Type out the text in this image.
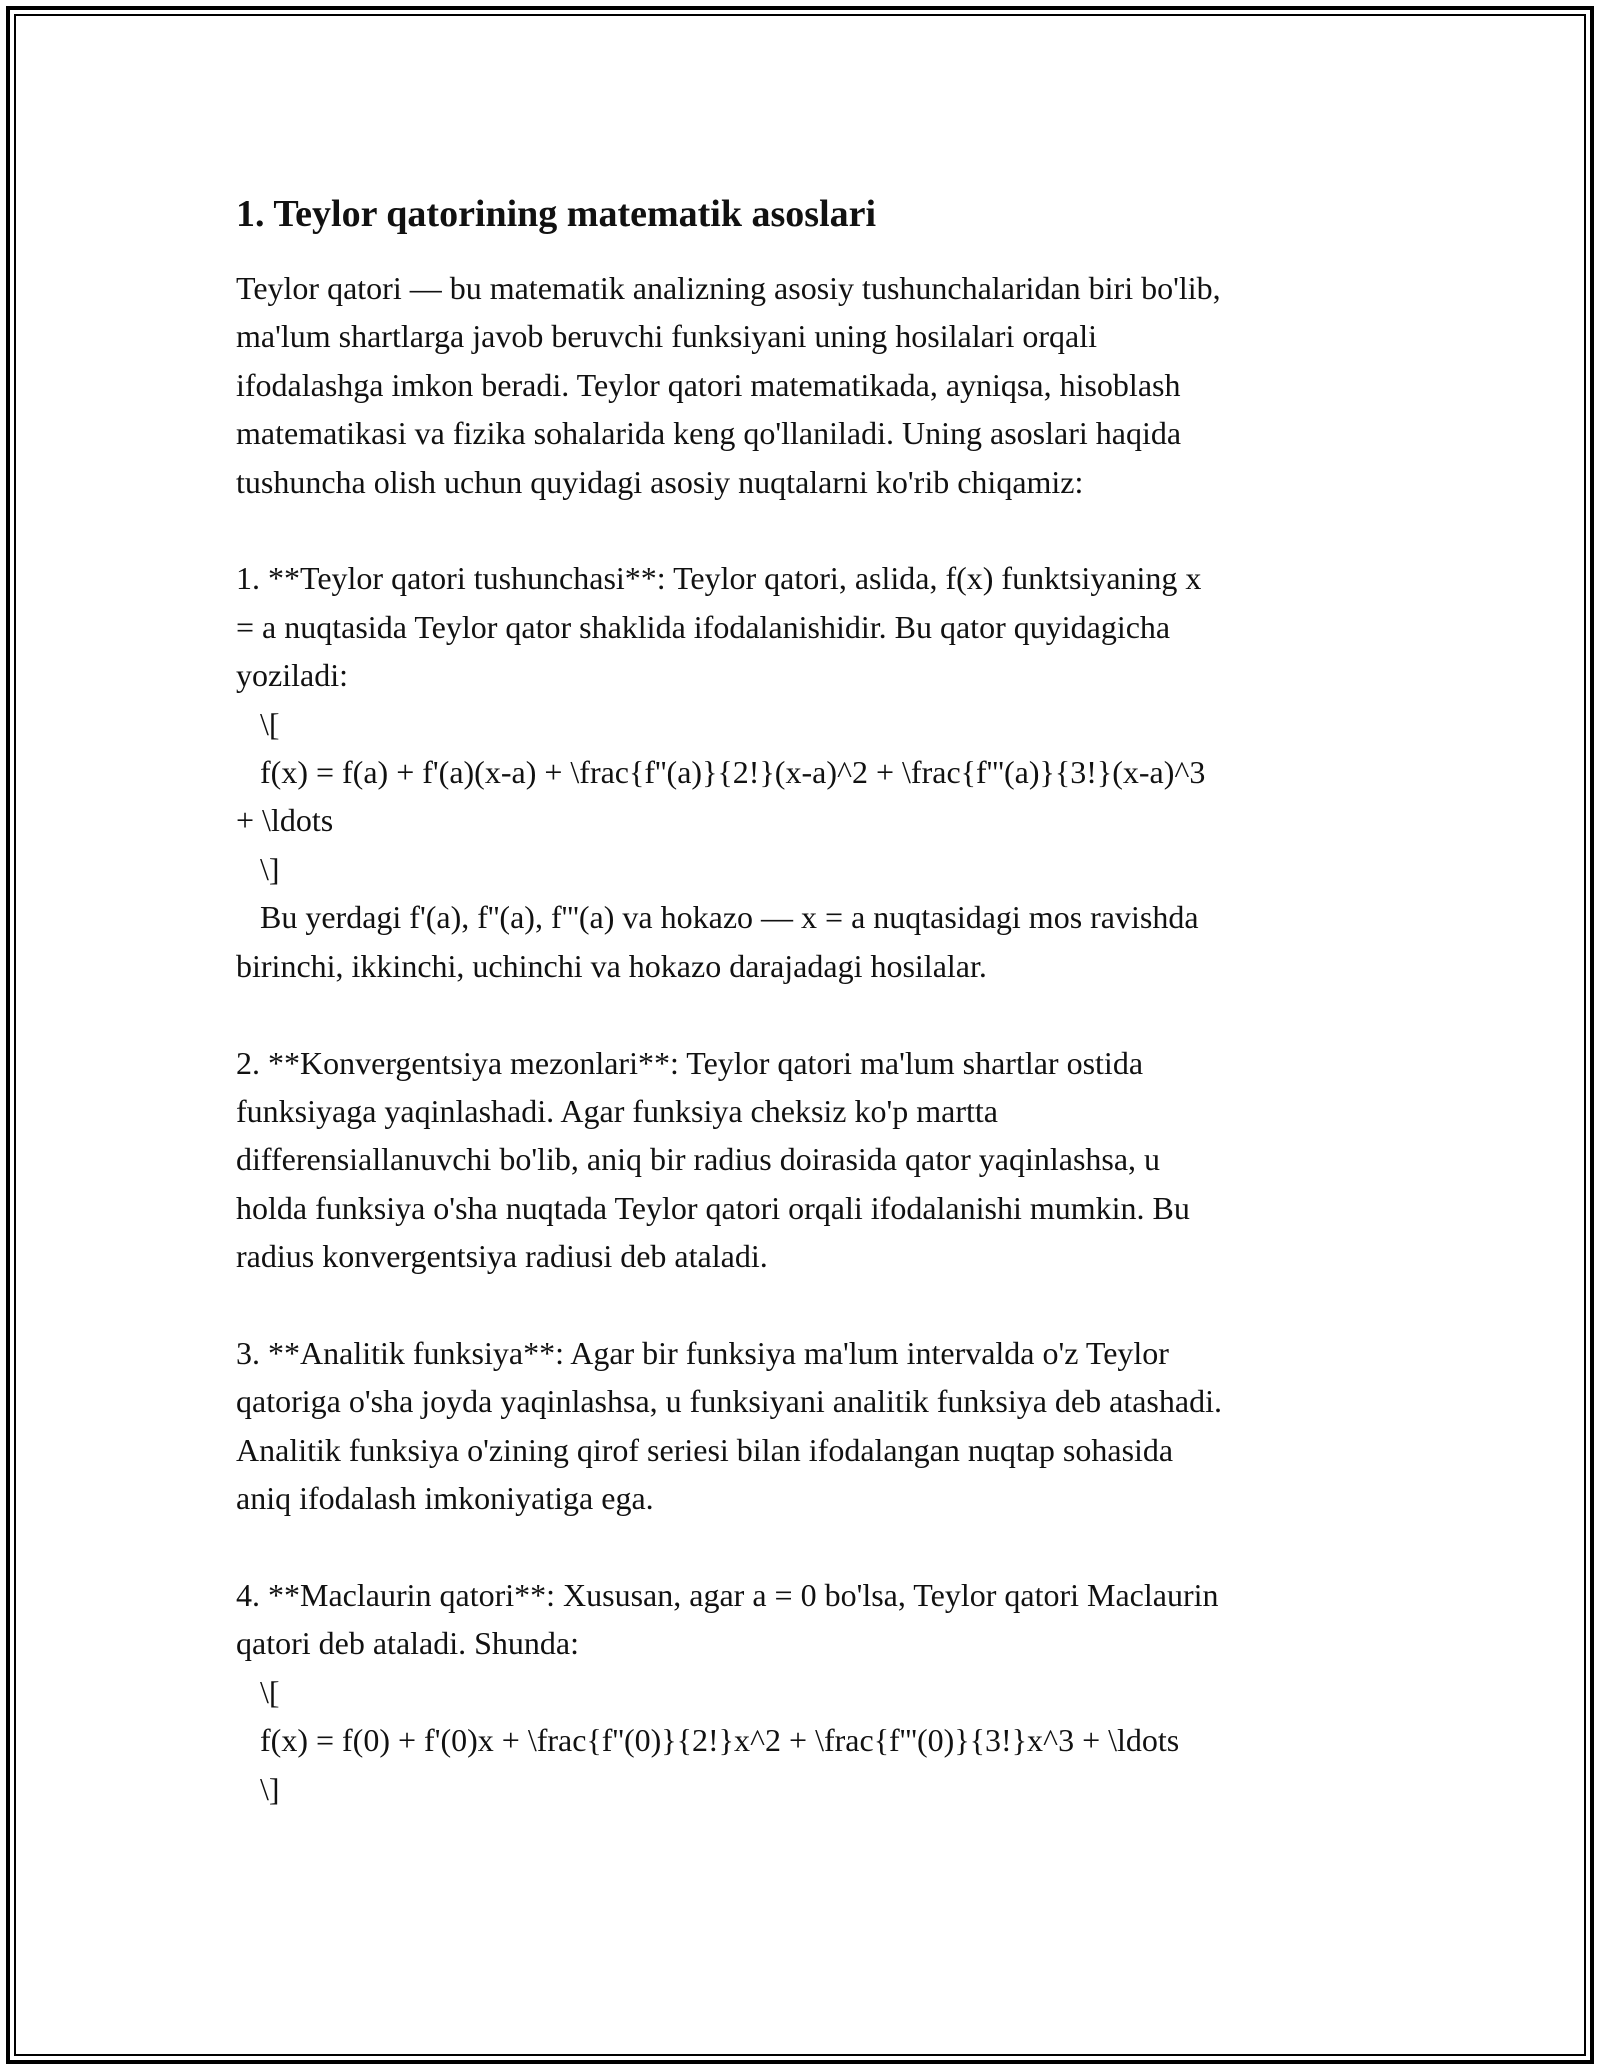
1. Teylor qatorining matematik asoslari
Teylor qatori — bu matematik analizning asosiy tushunchalaridan biri bo'lib,
ma'lum shartlarga javob beruvchi funksiyani uning hosilalari orqali
ifodalashga imkon beradi. Teylor qatori matematikada, ayniqsa, hisoblash
matematikasi va fizika sohalarida keng qo'llaniladi. Uning asoslari haqida
tushuncha olish uchun quyidagi asosiy nuqtalarni ko'rib chiqamiz:

1. **Teylor qatori tushunchasi**: Teylor qatori, aslida, f(x) funktsiyaning x
= a nuqtasida Teylor qator shaklida ifodalanishidir. Bu qator quyidagicha
yoziladi:
\[
f(x) = f(a) + f'(a)(x-a) + \frac{f''(a)}{2!}(x-a)^2 + \frac{f'''(a)}{3!}(x-a)^3
+ \ldots
\]
Bu yerdagi f'(a), f''(a), f'''(a) va hokazo — x = a nuqtasidagi mos ravishda
birinchi, ikkinchi, uchinchi va hokazo darajadagi hosilalar.

2. **Konvergentsiya mezonlari**: Teylor qatori ma'lum shartlar ostida
funksiyaga yaqinlashadi. Agar funksiya cheksiz ko'p martta
differensiallanuvchi bo'lib, aniq bir radius doirasida qator yaqinlashsa, u
holda funksiya o'sha nuqtada Teylor qatori orqali ifodalanishi mumkin. Bu
radius konvergentsiya radiusi deb ataladi.

3. **Analitik funksiya**: Agar bir funksiya ma'lum intervalda o'z Teylor
qatoriga o'sha joyda yaqinlashsa, u funksiyani analitik funksiya deb atashadi.
Analitik funksiya o'zining qirof seriesi bilan ifodalangan nuqtap sohasida
aniq ifodalash imkoniyatiga ega.

4. **Maclaurin qatori**: Xususan, agar a = 0 bo'lsa, Teylor qatori Maclaurin
qatori deb ataladi. Shunda:
\[
f(x) = f(0) + f'(0)x + \frac{f''(0)}{2!}x^2 + \frac{f'''(0)}{3!}x^3 + \ldots
\]
